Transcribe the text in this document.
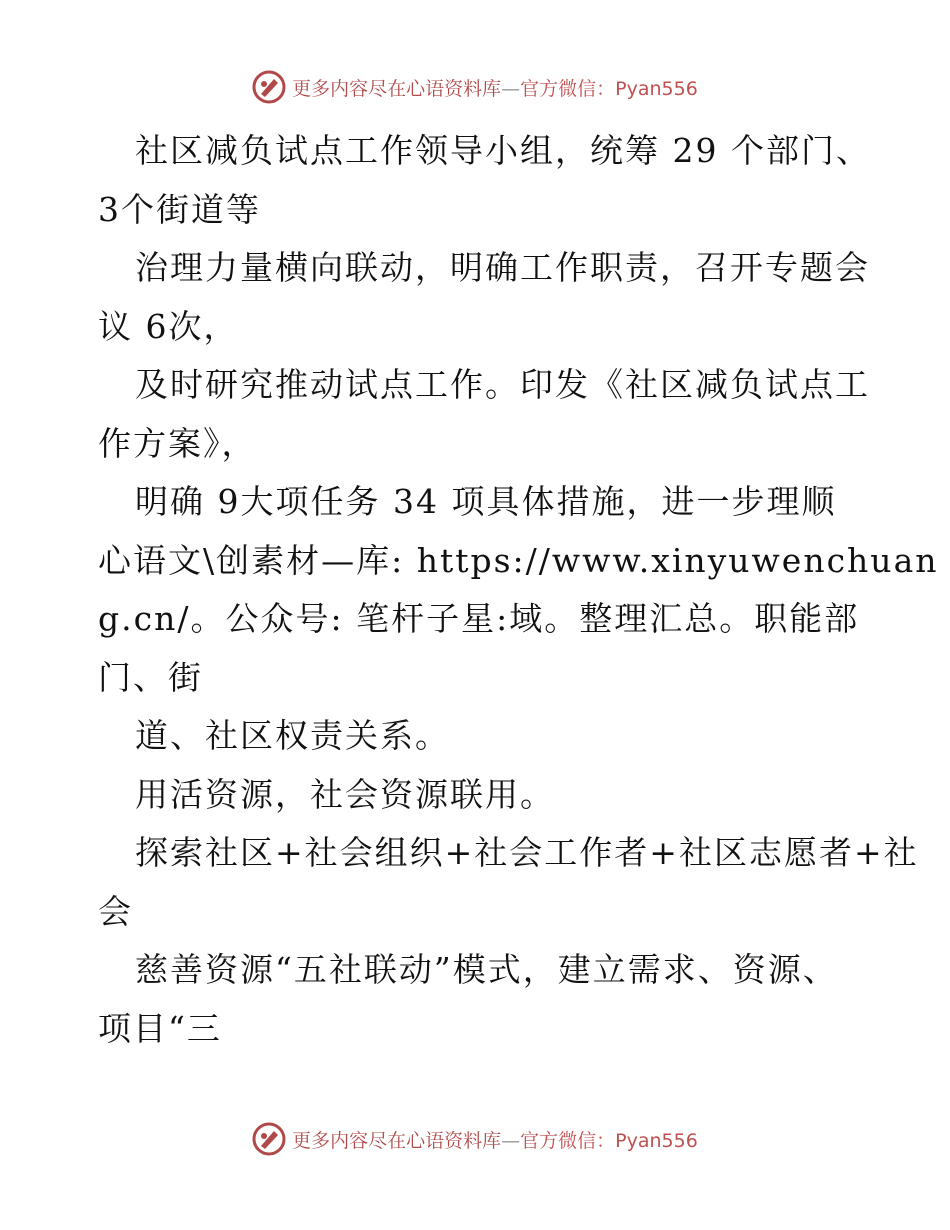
更多内容尽在心语资料库—官方微信：Pyan556
社区减负试点工作领导小组，统筹 29 个部门、
3个街道等
治理力量横向联动，明确工作职责，召开专题会
议 6次，
及时研究推动试点工作。印发《社区减负试点工
作方案》，
明确 9大项任务 34 项具体措施，进一步理顺
心语文\创素材—库: https://www.xinyuwenchuan
g.cn/。公众号: 笔杆子星:域。整理汇总。职能部
门、街
道、社区权责关系。
用活资源，社会资源联用。
探索社区+社会组织+社会工作者+社区志愿者+社
会
慈善资源“五社联动”模式，建立需求、资源、
项目“三
更多内容尽在心语资料库—官方微信：Pyan556
